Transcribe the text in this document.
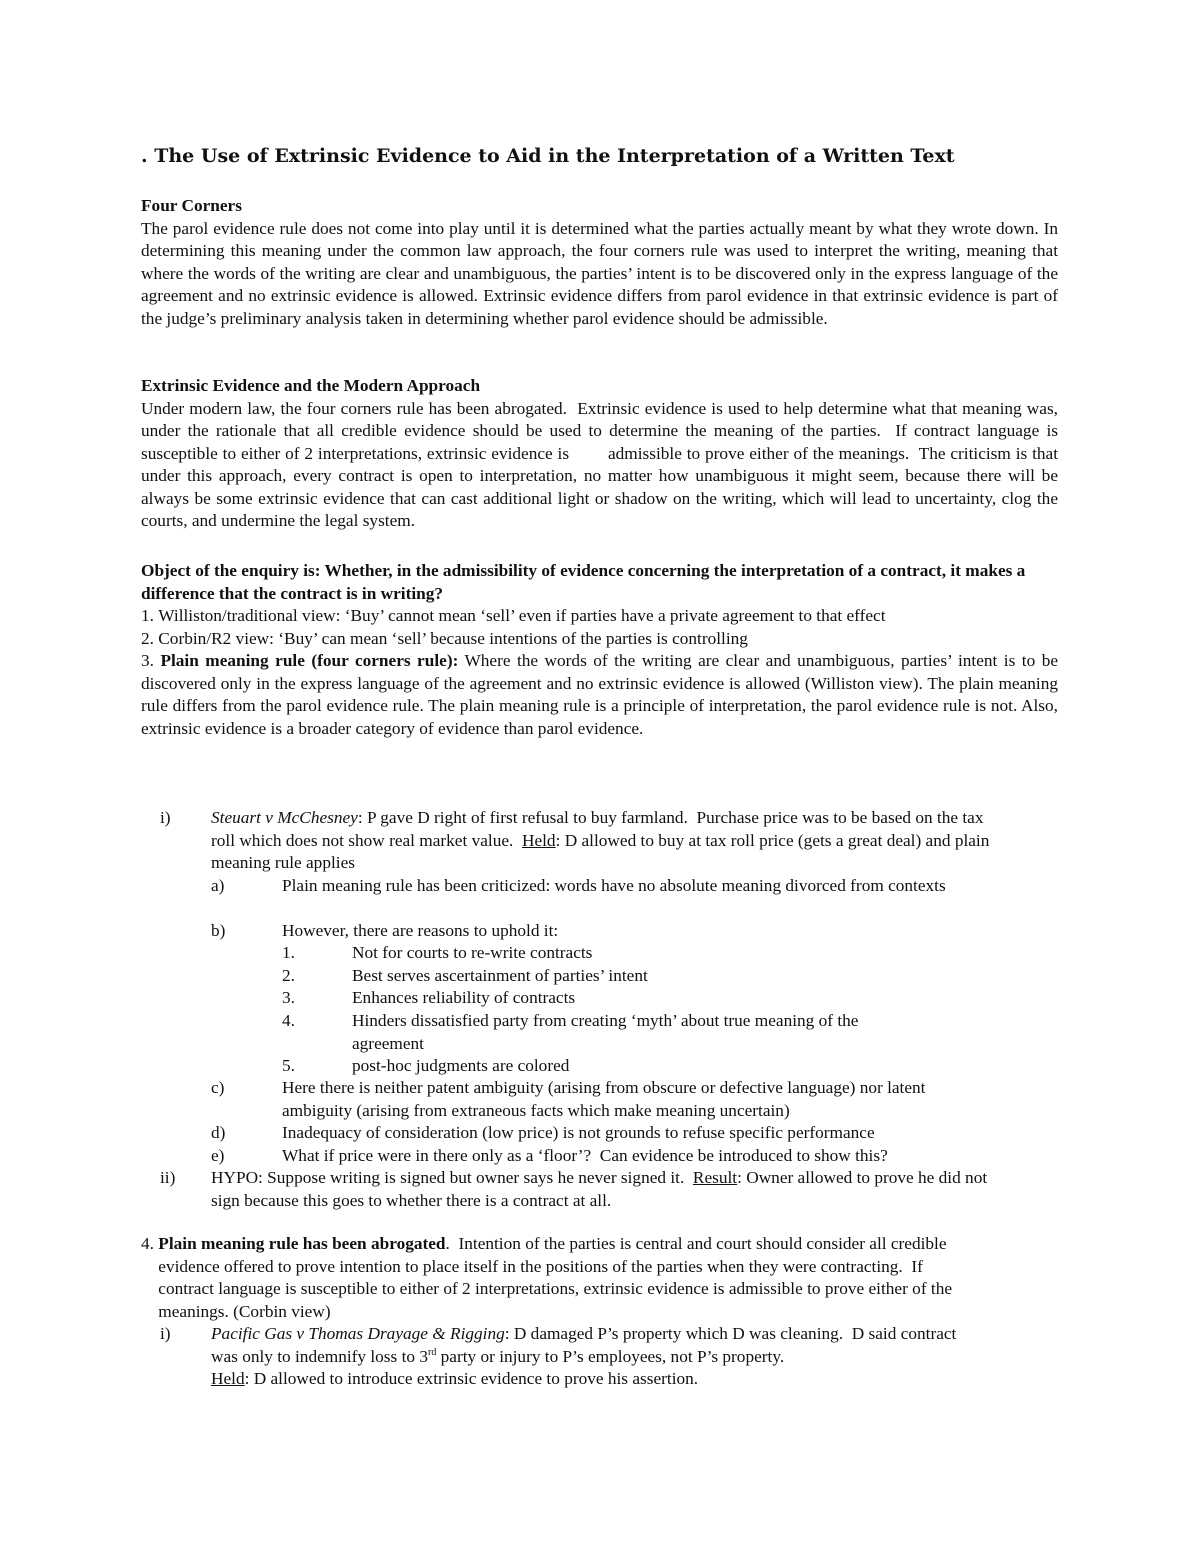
. The Use of Extrinsic Evidence to Aid in the Interpretation of a Written Text

Four Corners

The parol evidence rule does not come into play until it is determined what the parties actually meant by what they wrote down. In determining this meaning under the common law approach, the four corners rule was used to interpret the writing, meaning that where the words of the writing are clear and unambiguous, the parties’ intent is to be discovered only in the express language of the agreement and no extrinsic evidence is allowed. Extrinsic evidence differs from parol evidence in that extrinsic evidence is part of the judge’s preliminary analysis taken in determining whether parol evidence should be admissible.

Extrinsic Evidence and the Modern Approach

Under modern law, the four corners rule has been abrogated.  Extrinsic evidence is used to help determine what that meaning was, under the rationale that all credible evidence should be used to determine the meaning of the parties.  If contract language is susceptible to either of 2 interpretations, extrinsic evidence is        admissible to prove either of the meanings.  The criticism is that under this approach, every contract is open to interpretation, no matter how unambiguous it might seem, because there will be always be some extrinsic evidence that can cast additional light or shadow on the writing, which will lead to uncertainty, clog the courts, and undermine the legal system.

Object of the enquiry is: Whether, in the admissibility of evidence concerning the interpretation of a contract, it makes a difference that the contract is in writing?

1. Williston/traditional view: ‘Buy’ cannot mean ‘sell’ even if parties have a private agreement to that effect
2. Corbin/R2 view: ‘Buy’ can mean ‘sell’ because intentions of the parties is controlling

3. Plain meaning rule (four corners rule): Where the words of the writing are clear and unambiguous, parties’ intent is to be discovered only in the express language of the agreement and no extrinsic evidence is allowed (Williston view). The plain meaning rule differs from the parol evidence rule. The plain meaning rule is a principle of interpretation, the parol evidence rule is not. Also, extrinsic evidence is a broader category of evidence than parol evidence.

i)	Steuart v McChesney: P gave D right of first refusal to buy farmland.  Purchase price was to be based on the tax roll which does not show real market value.  Held: D allowed to buy at tax roll price (gets a great deal) and plain meaning rule applies
a)	Plain meaning rule has been criticized: words have no absolute meaning divorced from contexts
b)	However, there are reasons to uphold it:
1.	Not for courts to re-write contracts
2.	Best serves ascertainment of parties’ intent
3.	Enhances reliability of contracts
4.	Hinders dissatisfied party from creating ‘myth’ about true meaning of the agreement
5.	post-hoc judgments are colored
c)	Here there is neither patent ambiguity (arising from obscure or defective language) nor latent ambiguity (arising from extraneous facts which make meaning uncertain)
d)	Inadequacy of consideration (low price) is not grounds to refuse specific performance
e)	What if price were in there only as a ‘floor’?  Can evidence be introduced to show this?
ii)	HYPO: Suppose writing is signed but owner says he never signed it.  Result: Owner allowed to prove he did not sign because this goes to whether there is a contract at all.
4. Plain meaning rule has been abrogated.  Intention of the parties is central and court should consider all credible evidence offered to prove intention to place itself in the positions of the parties when they were contracting.  If contract language is susceptible to either of 2 interpretations, extrinsic evidence is admissible to prove either of the meanings. (Corbin view)
i)	Pacific Gas v Thomas Drayage & Rigging: D damaged P’s property which D was cleaning.  D said contract was only to indemnify loss to 3rd party or injury to P’s employees, not P’s property.
Held: D allowed to introduce extrinsic evidence to prove his assertion.
